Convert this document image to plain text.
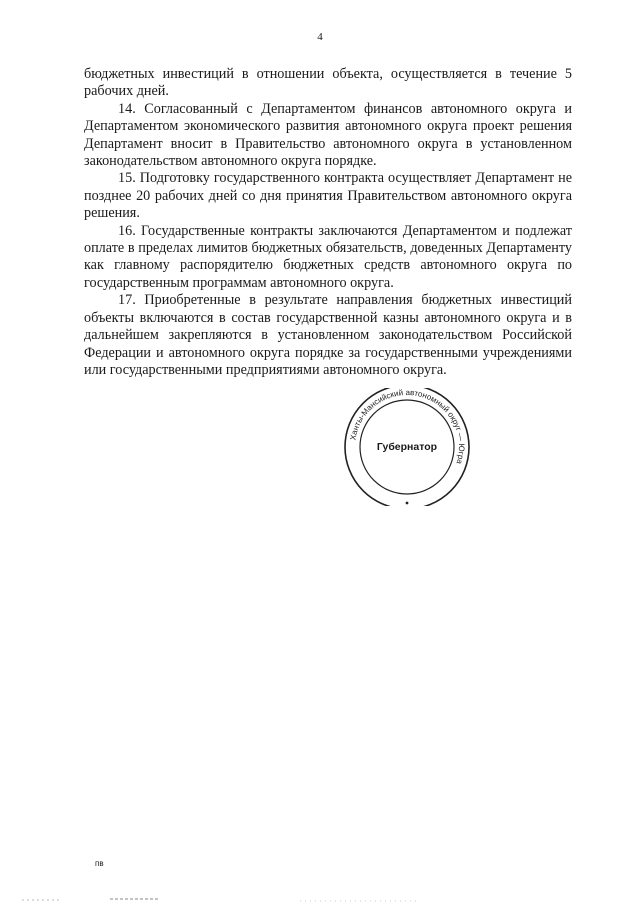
4

бюджетных инвестиций в отношении объекта, осуществляется в течение 5 рабочих дней.

14. Согласованный с Департаментом финансов автономного округа и Департаментом экономического развития автономного округа проект решения Департамент вносит в Правительство автономного округа в установленном законодательством автономного округа порядке.

15. Подготовку государственного контракта осуществляет Департамент не позднее 20 рабочих дней со дня принятия Правительством автономного округа решения.

16. Государственные контракты заключаются Департаментом и подлежат оплате в пределах лимитов бюджетных обязательств, доведенных Департаменту как главному распорядителю бюджетных средств автономного округа по государственным программам автономного округа.

17. Приобретенные в результате направления бюджетных инвестиций объекты включаются в состав государственной казны автономного округа и в дальнейшем закрепляются в установленном законодательством Российской Федерации и автономного округа порядке за государственными учреждениями или государственными предприятиями автономного округа.

Ханты-Мансийский автономный округ — Югра
Губернатор
пв
